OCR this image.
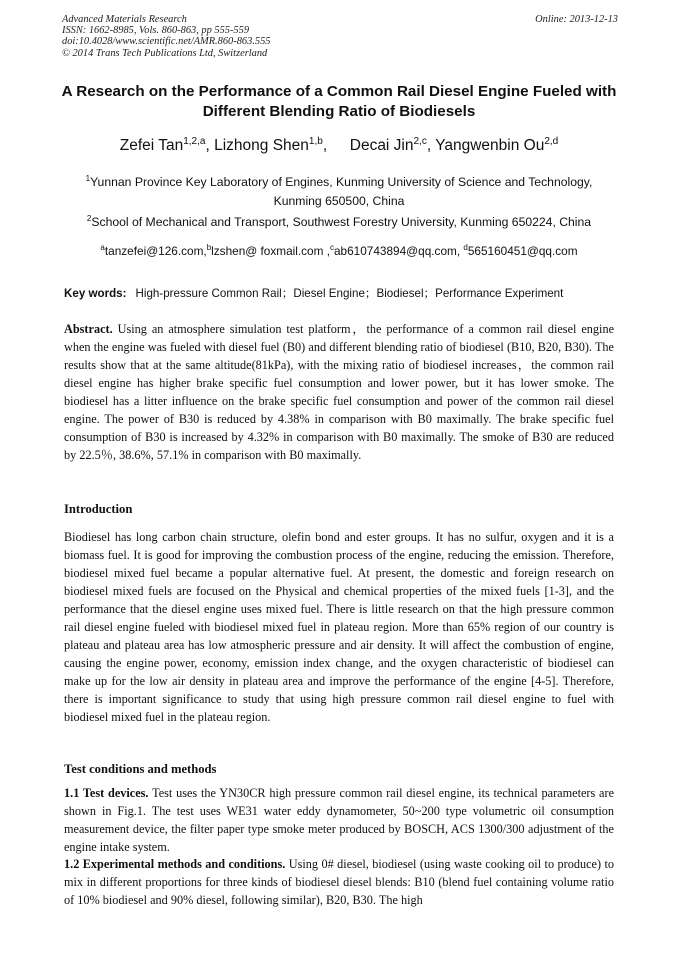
Advanced Materials Research
ISSN: 1662-8985, Vols. 860-863, pp 555-559
doi:10.4028/www.scientific.net/AMR.860-863.555
© 2014 Trans Tech Publications Ltd, Switzerland
Online: 2013-12-13
A Research on the Performance of a Common Rail Diesel Engine Fueled with Different Blending Ratio of Biodiesels
Zefei Tan$^{1,2,a}$, Lizhong Shen$^{1,b}$,  Decai Jin$^{2,c}$, Yangwenbin Ou$^{2,d}$
$^1$Yunnan Province Key Laboratory of Engines, Kunming University of Science and Technology, Kunming 650500, China
$^2$School of Mechanical and Transport, Southwest Forestry University, Kunming 650224, China
$^a$tanzefei@126.com,$^b$lzshen@ foxmail.com ,$^c$ab610743894@qq.com, $^d$565160451@qq.com
Key words: High-pressure Common Rail；Diesel Engine；Biodiesel；Performance Experiment
Abstract. Using an atmosphere simulation test platform，the performance of a common rail diesel engine when the engine was fueled with diesel fuel (B0) and different blending ratio of biodiesel (B10, B20, B30). The results show that at the same altitude(81kPa), with the mixing ratio of biodiesel increases，the common rail diesel engine has higher brake specific fuel consumption and lower power, but it has lower smoke. The biodiesel has a litter influence on the brake specific fuel consumption and power of the common rail diesel engine. The power of B30 is reduced by 4.38% in comparison with B0 maximally. The brake specific fuel consumption of B30 is increased by 4.32% in comparison with B0 maximally. The smoke of B30 are reduced by 22.5％, 38.6%, 57.1% in comparison with B0 maximally.
Introduction
Biodiesel has long carbon chain structure, olefin bond and ester groups. It has no sulfur, oxygen and it is a biomass fuel. It is good for improving the combustion process of the engine, reducing the emission. Therefore, biodiesel mixed fuel became a popular alternative fuel. At present, the domestic and foreign research on biodiesel mixed fuels are focused on the Physical and chemical properties of the mixed fuels [1-3], and the performance that the diesel engine uses mixed fuel. There is little research on that the high pressure common rail diesel engine fueled with biodiesel mixed fuel in plateau region. More than 65% region of our country is plateau and plateau area has low atmospheric pressure and air density. It will affect the combustion of engine, causing the engine power, economy, emission index change, and the oxygen characteristic of biodiesel can make up for the low air density in plateau area and improve the performance of the engine [4-5]. Therefore, there is important significance to study that using high pressure common rail diesel engine to fuel with biodiesel mixed fuel in the plateau region.
Test conditions and methods
1.1 Test devices. Test uses the YN30CR high pressure common rail diesel engine, its technical parameters are shown in Fig.1. The test uses WE31 water eddy dynamometer, 50~200 type volumetric oil consumption measurement device, the filter paper type smoke meter produced by BOSCH, ACS 1300/300 adjustment of the engine intake system.
1.2 Experimental methods and conditions. Using 0# diesel, biodiesel (using waste cooking oil to produce) to mix in different proportions for three kinds of biodiesel diesel blends: B10 (blend fuel containing volume ratio of 10% biodiesel and 90% diesel, following similar), B20, B30. The high
